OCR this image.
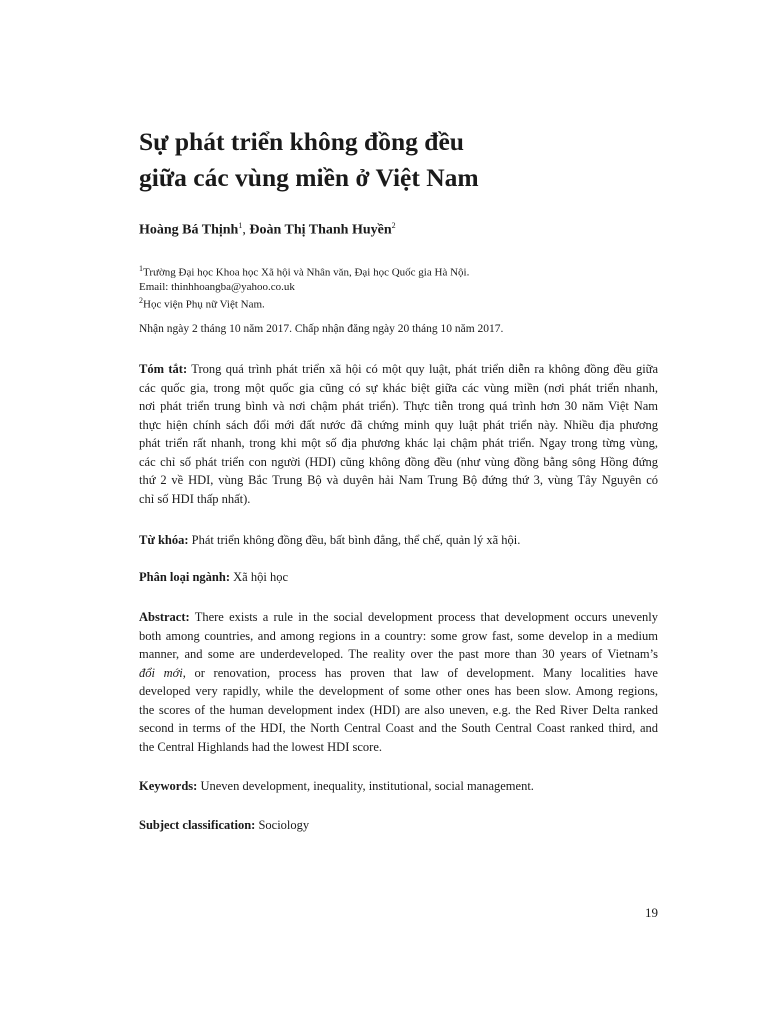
Sự phát triển không đồng đều
giữa các vùng miền ở Việt Nam
Hoàng Bá Thịnh$^1$, Đoàn Thị Thanh Huyền$^2$
$^1$Trường Đại học Khoa học Xã hội và Nhân văn, Đại học Quốc gia Hà Nội.
Email: thinhhoangba@yahoo.co.uk
$^2$Học viện Phụ nữ Việt Nam.
Nhận ngày 2 tháng 10 năm 2017. Chấp nhận đăng ngày 20 tháng 10 năm 2017.
Tóm tắt: Trong quá trình phát triển xã hội có một quy luật, phát triển diễn ra không đồng đều giữa
các quốc gia, trong một quốc gia cũng có sự khác biệt giữa các vùng miền (nơi phát triển nhanh,
nơi phát triển trung bình và nơi chậm phát triển). Thực tiễn trong quá trình hơn 30 năm Việt Nam
thực hiện chính sách đổi mới đất nước đã chứng minh quy luật phát triển này. Nhiều địa phương
phát triển rất nhanh, trong khi một số địa phương khác lại chậm phát triển. Ngay trong từng vùng,
các chỉ số phát triển con người (HDI) cũng không đồng đều (như vùng đồng bằng sông Hồng đứng
thứ 2 về HDI, vùng Bắc Trung Bộ và duyên hải Nam Trung Bộ đứng thứ 3, vùng Tây Nguyên có
chỉ số HDI thấp nhất).
Từ khóa: Phát triển không đồng đều, bất bình đẳng, thể chế, quản lý xã hội.
Phân loại ngành: Xã hội học
Abstract: There exists a rule in the social development process that development occurs unevenly
both among countries, and among regions in a country: some grow fast, some develop in a medium
manner, and some are underdeveloped. The reality over the past more than 30 years of Vietnam’s
đổi mới, or renovation, process has proven that law of development. Many localities have
developed very rapidly, while the development of some other ones has been slow. Among regions,
the scores of the human development index (HDI) are also uneven, e.g. the Red River Delta ranked
second in terms of the HDI, the North Central Coast and the South Central Coast ranked third, and
the Central Highlands had the lowest HDI score.
Keywords: Uneven development, inequality, institutional, social management.
Subject classification: Sociology
19
